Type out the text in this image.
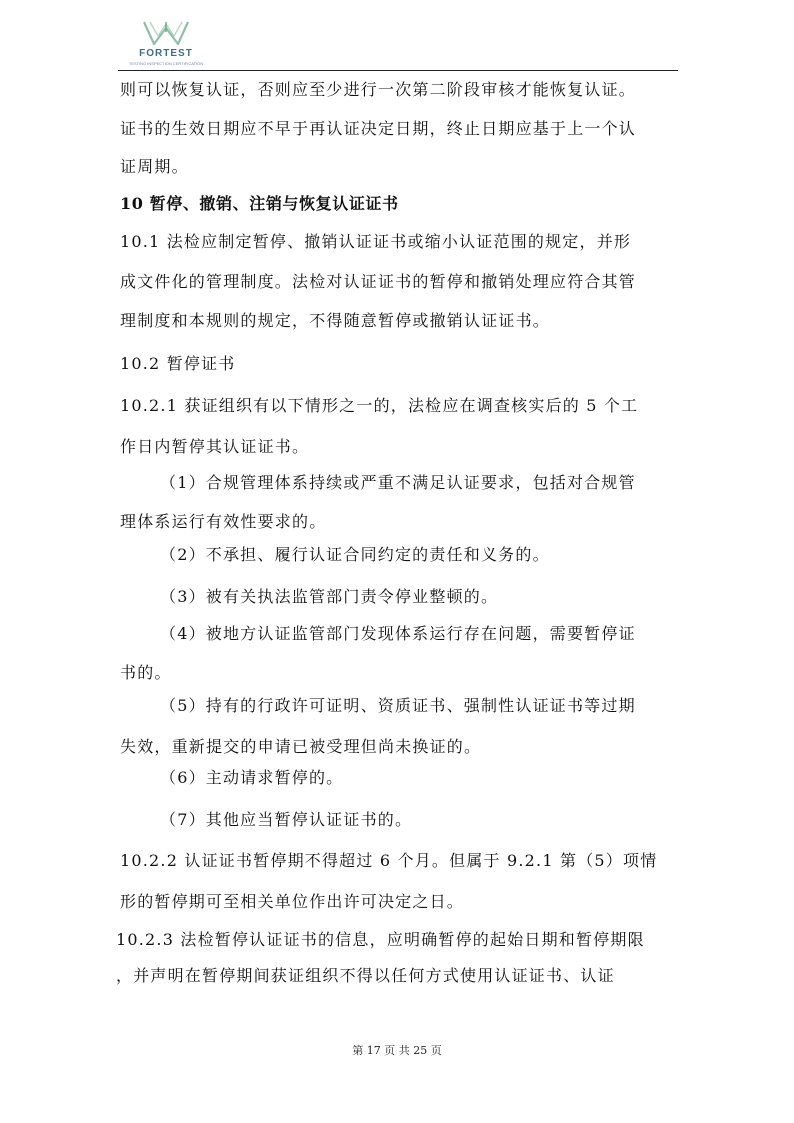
FORTEST
TESTING INSPECTION CERTIFICATION
则可以恢复认证，否则应至少进行一次第二阶段审核才能恢复认证。
证书的生效日期应不早于再认证决定日期，终止日期应基于上一个认
证周期。
10 暂停、撤销、注销与恢复认证证书
10.1 法检应制定暂停、撤销认证证书或缩小认证范围的规定，并形
成文件化的管理制度。法检对认证证书的暂停和撤销处理应符合其管
理制度和本规则的规定，不得随意暂停或撤销认证证书。
10.2 暂停证书
10.2.1 获证组织有以下情形之一的，法检应在调查核实后的 5 个工
作日内暂停其认证证书。
（1）合规管理体系持续或严重不满足认证要求，包括对合规管
理体系运行有效性要求的。
（2）不承担、履行认证合同约定的责任和义务的。
（3）被有关执法监管部门责令停业整顿的。
（4）被地方认证监管部门发现体系运行存在问题，需要暂停证
书的。
（5）持有的行政许可证明、资质证书、强制性认证证书等过期
失效，重新提交的申请已被受理但尚未换证的。
（6）主动请求暂停的。
（7）其他应当暂停认证证书的。
10.2.2 认证证书暂停期不得超过 6 个月。但属于 9.2.1 第（5）项情
形的暂停期可至相关单位作出许可决定之日。
10.2.3 法检暂停认证证书的信息，应明确暂停的起始日期和暂停期限
，并声明在暂停期间获证组织不得以任何方式使用认证证书、认证
第 17 页 共 25 页
